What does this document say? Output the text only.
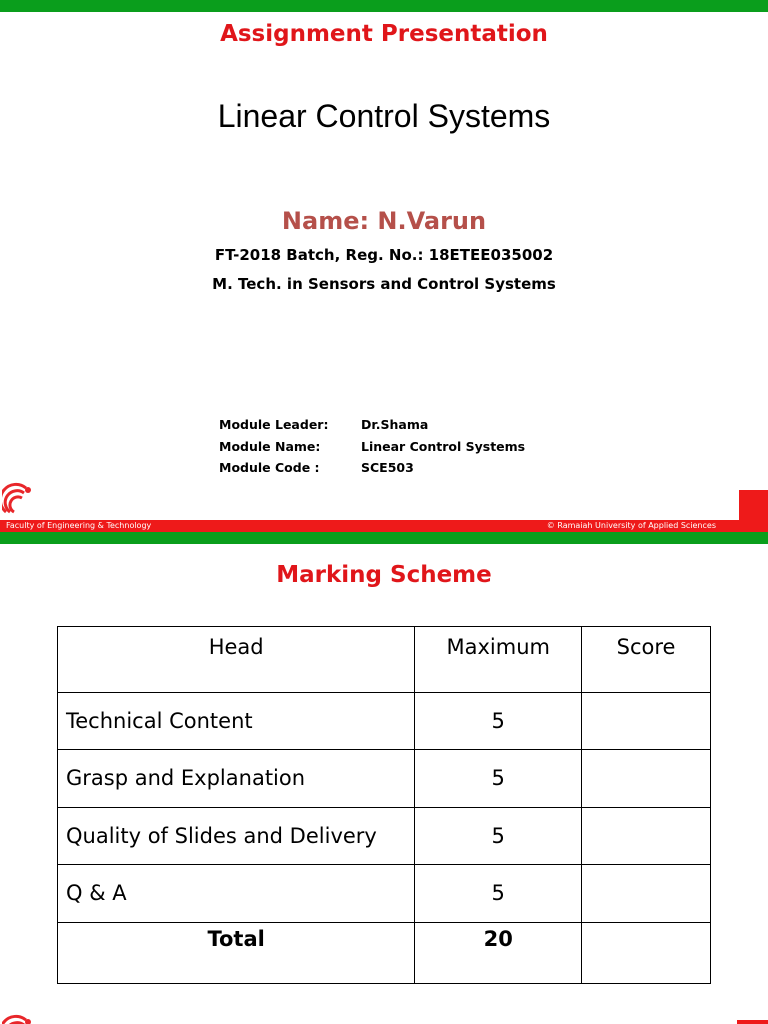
Assignment Presentation
Linear Control Systems
Name: N.Varun
FT-2018 Batch, Reg. No.: 18ETEE035002
M. Tech. in Sensors and Control Systems
Module Leader:	Dr.Shama
Module Name:	Linear Control Systems
Module Code :	SCE503
Faculty of Engineering & Technology	© Ramaiah University of Applied Sciences
Marking Scheme
Head	Maximum	Score
Technical Content	5	
Grasp and Explanation	5	
Quality of Slides and Delivery	5	
Q & A	5	
Total	20	
